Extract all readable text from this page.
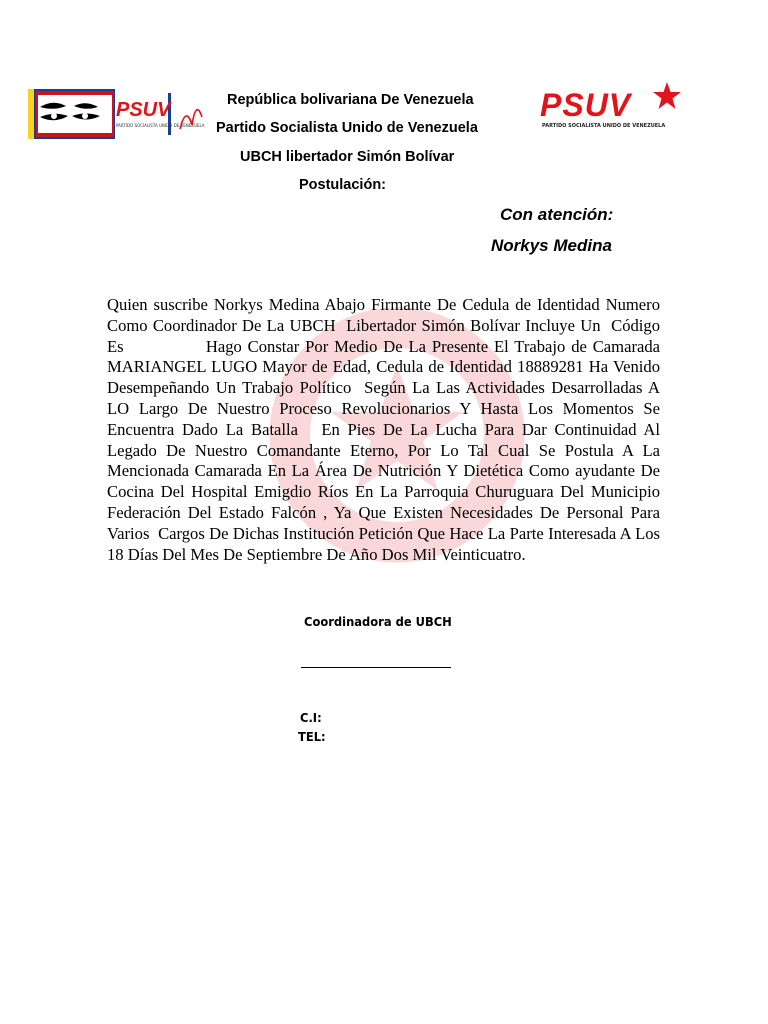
PSUV
PARTIDO SOCIALISTA UNIDO DE VENEZUELA
PSUV
PARTIDO SOCIALISTA UNIDO DE VENEZUELA
República bolivariana De Venezuela
Partido Socialista Unido de Venezuela
UBCH libertador Simón Bolívar
Postulación:
Con atención:
Norkys Medina

Quien suscribe Norkys Medina Abajo Firmante De Cedula de Identidad Numero            Como Coordinador De La UBCH  Libertador Simón Bolívar Incluye Un  Código Es              Hago Constar Por Medio De La Presente El Trabajo de Camarada  MARIANGEL LUGO Mayor de Edad, Cedula de Identidad 18889281 Ha Venido Desempeñando Un Trabajo Político  Según La Las Actividades Desarrolladas A LO Largo De Nuestro Proceso Revolucionarios Y Hasta Los Momentos Se Encuentra Dado La Batalla   En Pies De La Lucha Para Dar Continuidad Al Legado De Nuestro Comandante Eterno, Por Lo Tal Cual Se Postula A La Mencionada Camarada En La Área De Nutrición Y Dietética Como ayudante De Cocina Del Hospital Emigdio Ríos En La Parroquia Churuguara Del Municipio Federación Del Estado Falcón , Ya Que Existen Necesidades De Personal Para Varios  Cargos De Dichas Institución Petición Que Hace La Parte Interesada A Los 18 Días Del Mes De Septiembre De Año Dos Mil Veinticuatro.

Coordinadora de UBCH
C.I:
TEL:
